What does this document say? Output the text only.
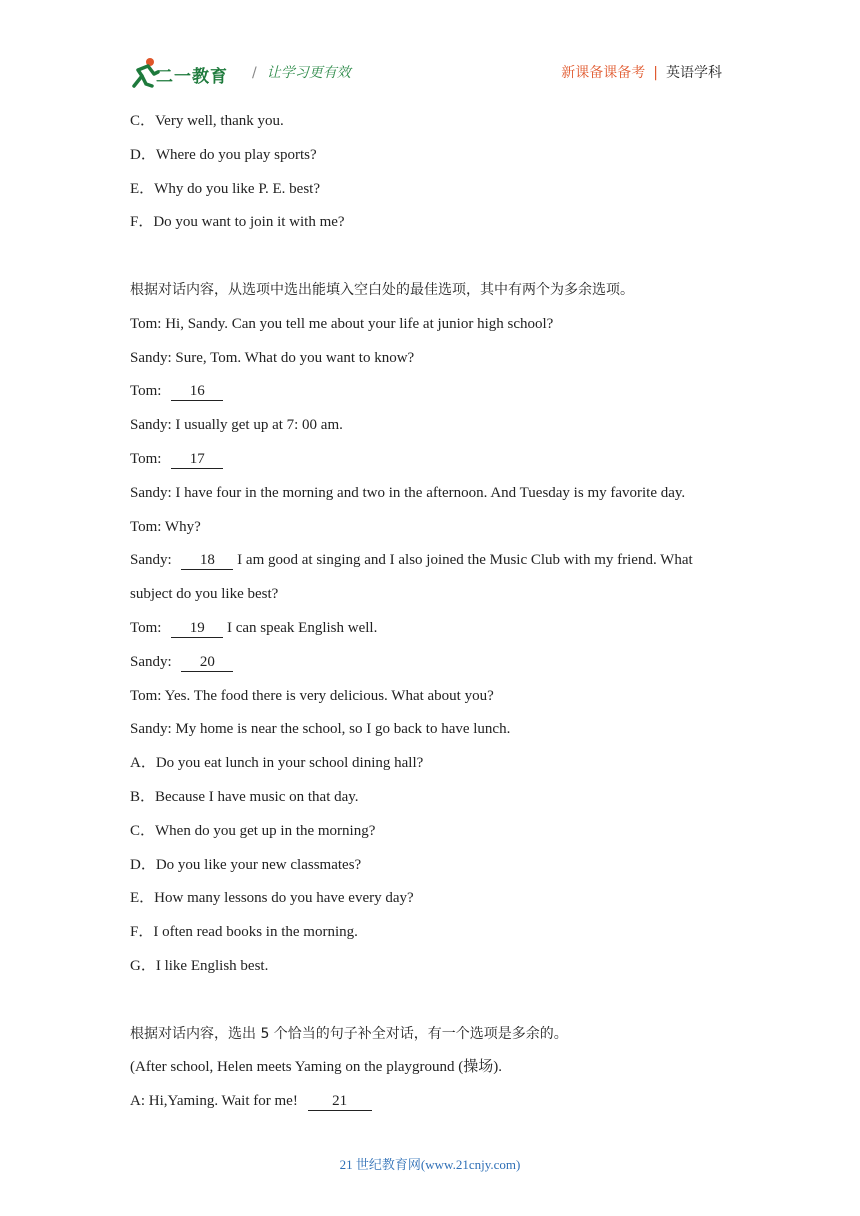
二一教育 / 让学习更有效	新课备课备考 | 英语学科
C．Very well, thank you.
D．Where do you play sports?
E．Why do you like P. E. best?
F．Do you want to join it with me?
根据对话内容，从选项中选出能填入空白处的最佳选项，其中有两个为多余选项。
Tom: Hi, Sandy. Can you tell me about your life at junior high school?
Sandy: Sure, Tom. What do you want to know?
Tom: 16
Sandy: I usually get up at 7: 00 am.
Tom: 17
Sandy: I have four in the morning and two in the afternoon. And Tuesday is my favorite day.
Tom: Why?
Sandy: 18 I am good at singing and I also joined the Music Club with my friend. What
subject do you like best?
Tom: 19 I can speak English well.
Sandy: 20
Tom: Yes. The food there is very delicious. What about you?
Sandy: My home is near the school, so I go back to have lunch.
A．Do you eat lunch in your school dining hall?
B．Because I have music on that day.
C．When do you get up in the morning?
D．Do you like your new classmates?
E．How many lessons do you have every day?
F．I often read books in the morning.
G．I like English best.
根据对话内容，选出 5 个恰当的句子补全对话，有一个选项是多余的。
(After school, Helen meets Yaming on the playground (操场).
A: Hi,Yaming. Wait for me! 21
21 世纪教育网(www.21cnjy.com)
